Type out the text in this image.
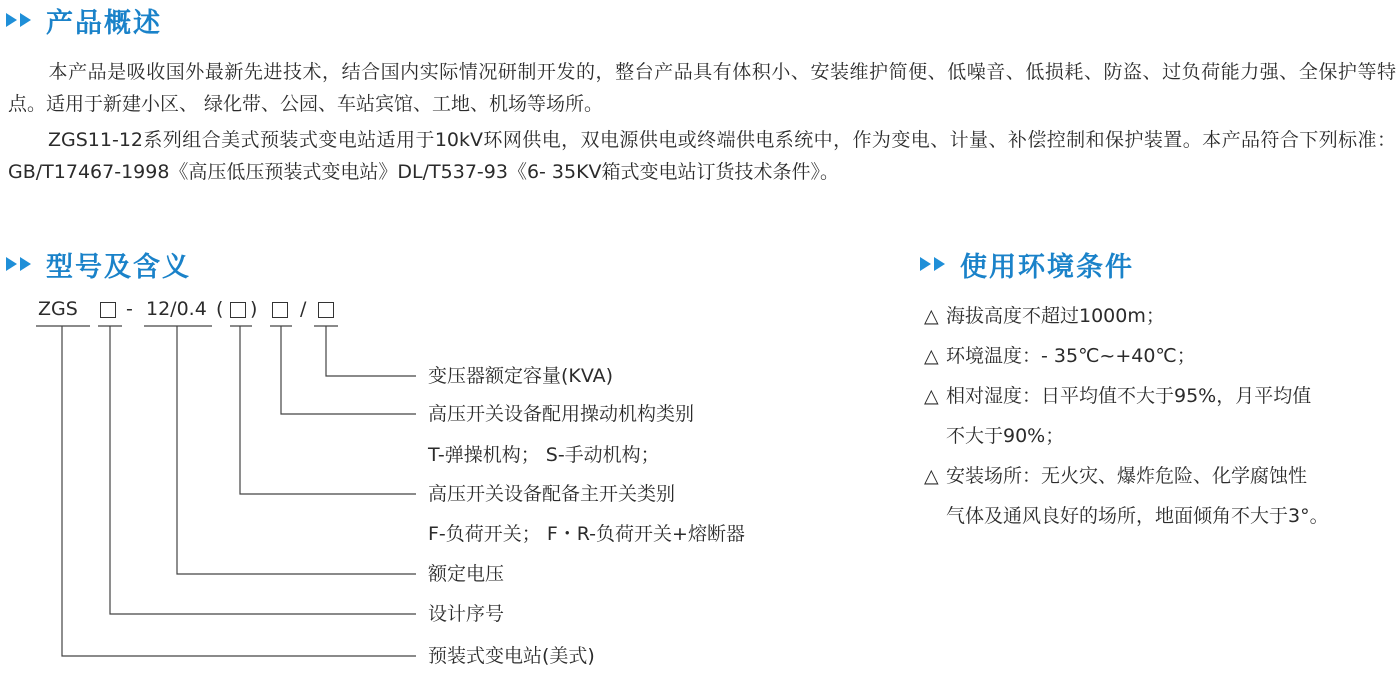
产品概述

本产品是吸收国外最新先进技术，结合国内实际情况研制开发的，整台产品具有体积小、安装维护简便、低噪音、低损耗、防盗、过负荷能力强、全保护等特点。适用于新建小区、 绿化带、公园、车站宾馆、工地、机场等场所。

ZGS11-12系列组合美式预装式变电站适用于10kV环网供电，双电源供电或终端供电系统中，作为变电、计量、补偿控制和保护装置。本产品符合下列标准：GB/T17467-1998《高压低压预装式变电站》DL/T537-93《6- 35KV箱式变电站订货技术条件》。

型号及含义
ZGS	- 12/0.4 ( ) /
变压器额定容量(KVA)
高压开关设备配用操动机构类别
T-弹操机构； S-手动机构；
高压开关设备配备主开关类别
F-负荷开关； F・R-负荷开关+熔断器
额定电压
设计序号
预装式变电站(美式)
使用环境条件
△ 海拔高度不超过1000m；
△ 环境温度：- 35℃~+40℃；
△ 相对湿度：日平均值不大于95%，月平均值
不大于90%；
△ 安装场所：无火灾、爆炸危险、化学腐蚀性
气体及通风良好的场所，地面倾角不大于3°。
